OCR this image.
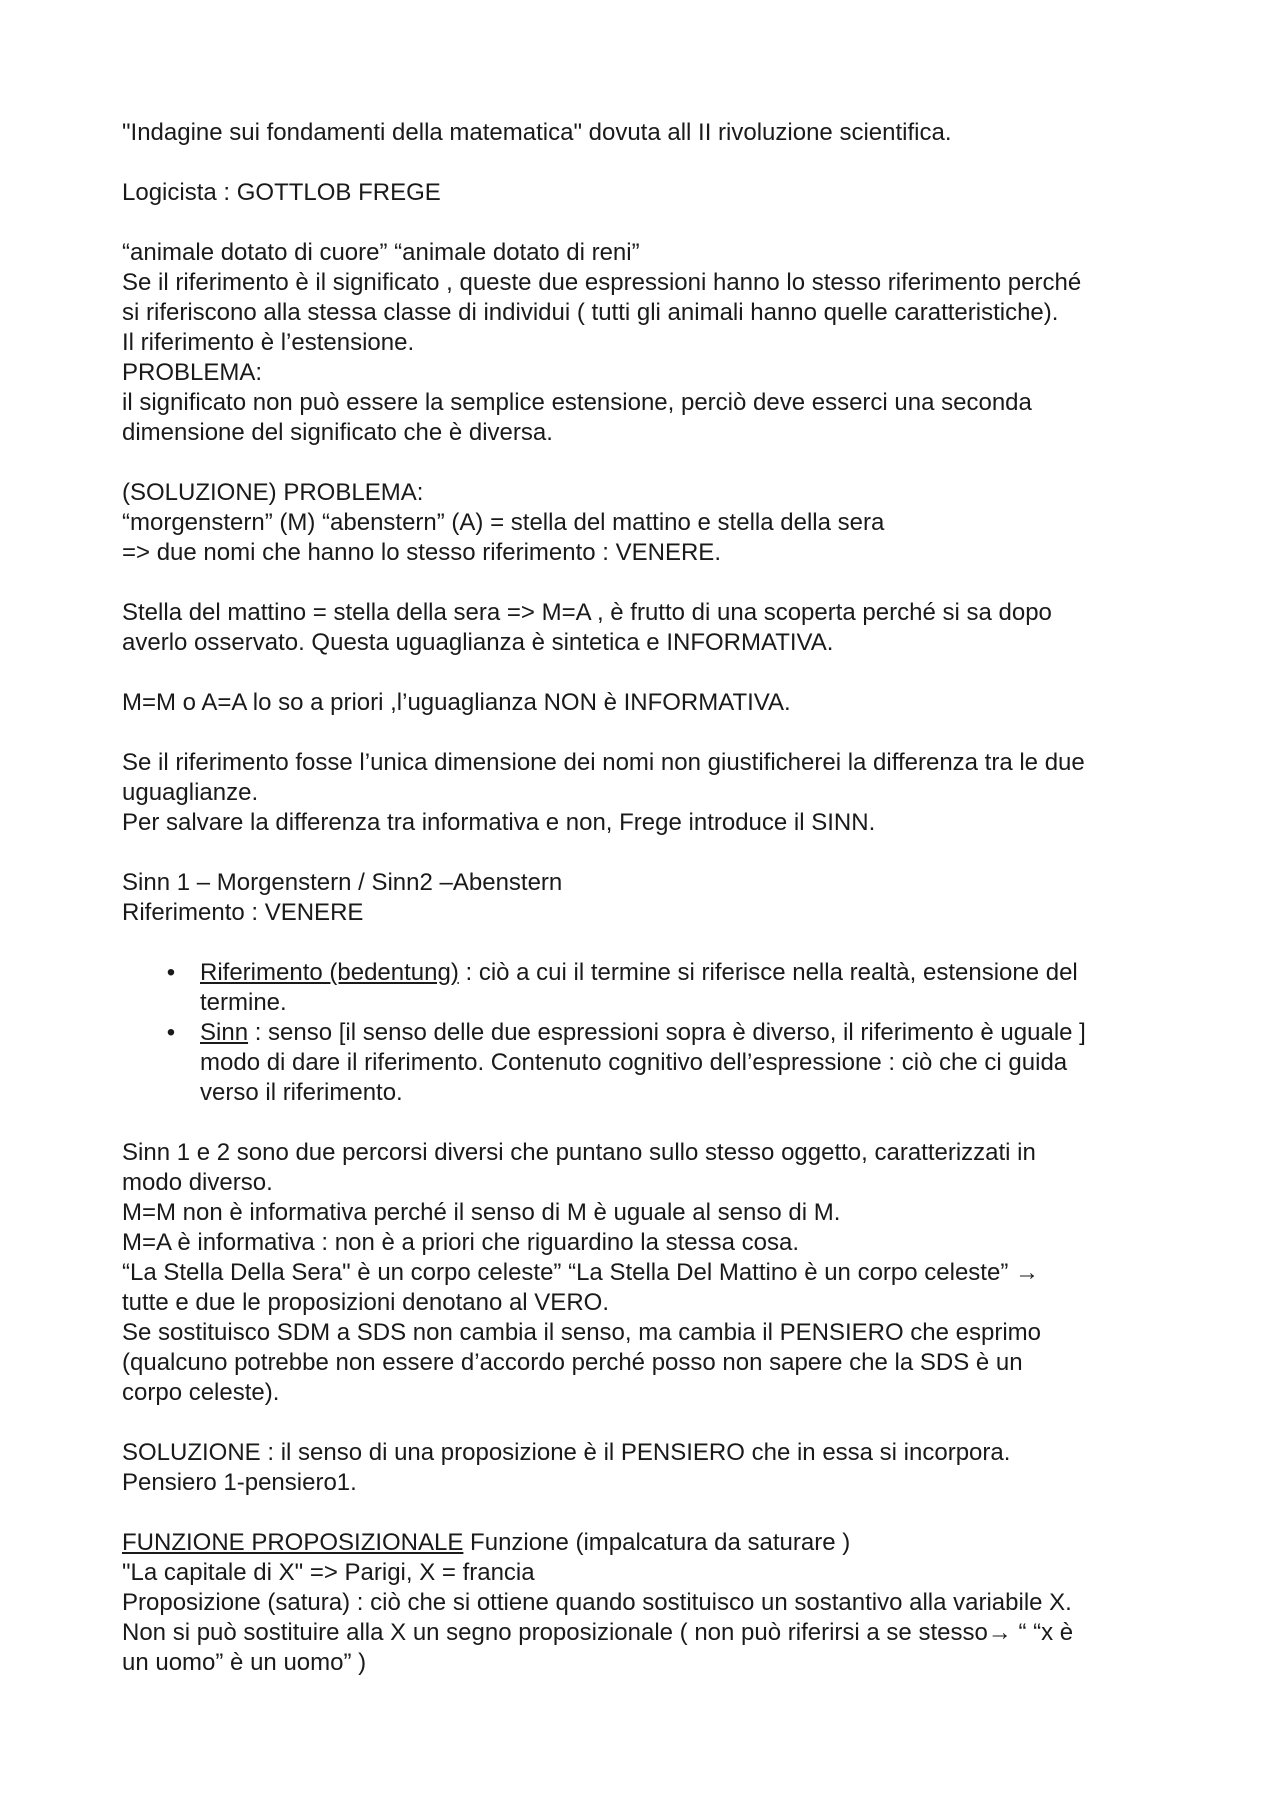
"Indagine sui fondamenti della matematica" dovuta all II rivoluzione scientifica.
Logicista : GOTTLOB FREGE
“animale dotato di cuore” “animale dotato di reni”
Se il riferimento è il significato , queste due espressioni hanno lo stesso riferimento perché
si riferiscono alla stessa classe di individui ( tutti gli animali hanno quelle caratteristiche).
Il riferimento è l’estensione.
PROBLEMA:
il significato non può essere la semplice estensione, perciò deve esserci una seconda
dimensione del significato che è diversa.
(SOLUZIONE) PROBLEMA:
“morgenstern” (M) “abenstern” (A) = stella del mattino e stella della sera
=> due nomi che hanno lo stesso riferimento : VENERE.
Stella del mattino = stella della sera => M=A , è frutto di una scoperta perché si sa dopo
averlo osservato. Questa uguaglianza è sintetica e INFORMATIVA.
M=M o A=A lo so a priori ,l’uguaglianza NON è INFORMATIVA.
Se il riferimento fosse l’unica dimensione dei nomi non giustificherei la differenza tra le due
uguaglianze.
Per salvare la differenza tra informativa e non, Frege introduce il SINN.
Sinn 1 – Morgenstern / Sinn2 –Abenstern
Riferimento : VENERE
• Riferimento (bedentung) : ciò a cui il termine si riferisce nella realtà, estensione del
termine.
• Sinn : senso [il senso delle due espressioni sopra è diverso, il riferimento è uguale ]
modo di dare il riferimento. Contenuto cognitivo dell’espressione : ciò che ci guida
verso il riferimento.
Sinn 1 e 2 sono due percorsi diversi che puntano sullo stesso oggetto, caratterizzati in
modo diverso.
M=M non è informativa perché il senso di M è uguale al senso di M.
M=A è informativa : non è a priori che riguardino la stessa cosa.
“La Stella Della Sera" è un corpo celeste” “La Stella Del Mattino è un corpo celeste” →
tutte e due le proposizioni denotano al VERO.
Se sostituisco SDM a SDS non cambia il senso, ma cambia il PENSIERO che esprimo
(qualcuno potrebbe non essere d’accordo perché posso non sapere che la SDS è un
corpo celeste).
SOLUZIONE : il senso di una proposizione è il PENSIERO che in essa si incorpora.
Pensiero 1-pensiero1.
FUNZIONE PROPOSIZIONALE Funzione (impalcatura da saturare )
"La capitale di X" => Parigi, X = francia
Proposizione (satura) : ciò che si ottiene quando sostituisco un sostantivo alla variabile X.
Non si può sostituire alla X un segno proposizionale ( non può riferirsi a se stesso→ “ “x è
un uomo” è un uomo” )
